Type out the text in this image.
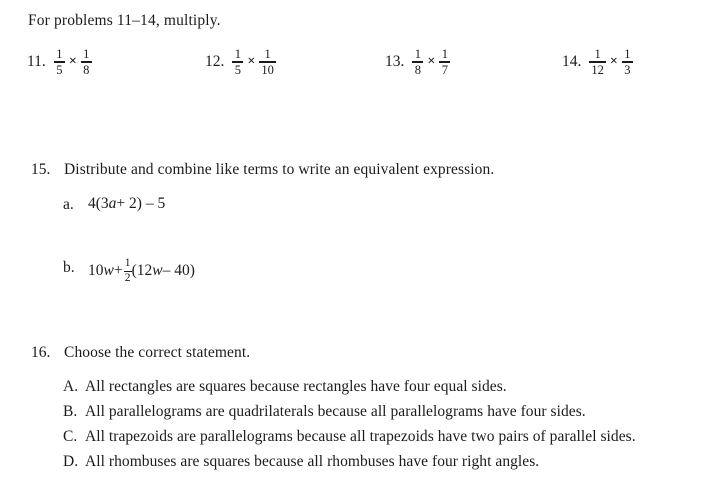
For problems 11–14, multiply.
11. $\frac{1}{5} \times \frac{1}{8}$	12. $\frac{1}{5} \times \frac{1}{10}$	13. $\frac{1}{8} \times \frac{1}{7}$	14. $\frac{1}{12} \times \frac{1}{3}$
15. Distribute and combine like terms to write an equivalent expression.
a. 4(3 a + 2) – 5
b. 10 $w + \frac{1}{2} (12$ w – 40)
16. Choose the correct statement.
A. All rectangles are squares because rectangles have four equal sides.
B. All parallelograms are quadrilaterals because all parallelograms have four sides.
C. All trapezoids are parallelograms because all trapezoids have two pairs of parallel sides.
D. All rhombuses are squares because all rhombuses have four right angles.
